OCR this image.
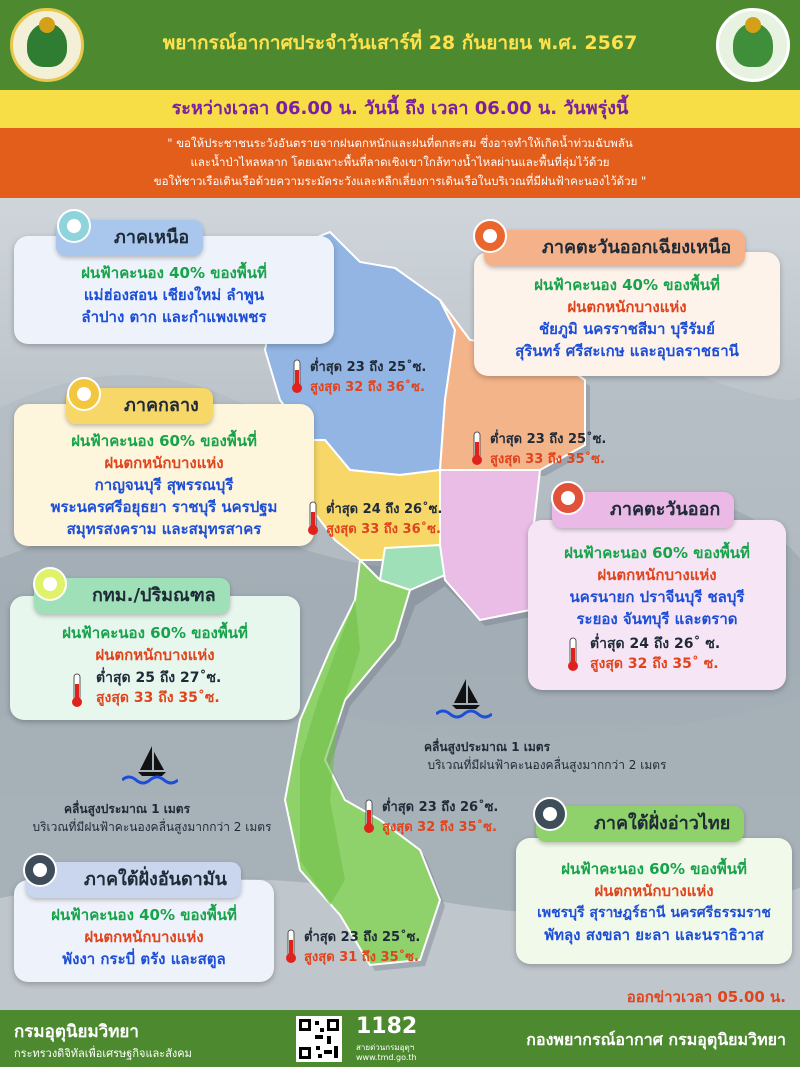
พยากรณ์อากาศประจำวันเสาร์ที่ 28 กันยายน พ.ศ. 2567
ระหว่างเวลา 06.00 น. วันนี้ ถึง เวลา 06.00 น. วันพรุ่งนี้
" ขอให้ประชาชนระวังอันตรายจากฝนตกหนักและฝนที่ตกสะสม ซึ่งอาจทำให้เกิดน้ำท่วมฉับพลัน
และน้ำป่าไหลหลาก โดยเฉพาะพื้นที่ลาดเชิงเขาใกล้ทางน้ำไหลผ่านและพื้นที่ลุ่มไว้ด้วย
ขอให้ชาวเรือเดินเรือด้วยความระมัดระวังและหลีกเลี่ยงการเดินเรือในบริเวณที่มีฝนฟ้าคะนองไว้ด้วย "
คลื่นสูงประมาณ 1 เมตร
บริเวณที่มีฝนฟ้าคะนองคลื่นสูงมากกว่า 2 เมตร
คลื่นสูงประมาณ 1 เมตร
บริเวณที่มีฝนฟ้าคะนองคลื่นสูงมากกว่า 2 เมตร
ฝนฟ้าคะนอง 40% ของพื้นที่
แม่ฮ่องสอน เชียงใหม่ ลำพูน
ลำปาง ตาก และกำแพงเพชร
ภาคเหนือ
ฝนฟ้าคะนอง 40% ของพื้นที่
ฝนตกหนักบางแห่ง
ชัยภูมิ นครราชสีมา บุรีรัมย์
สุรินทร์ ศรีสะเกษ และอุบลราชธานี
ภาคตะวันออกเฉียงเหนือ
ฝนฟ้าคะนอง 60% ของพื้นที่
ฝนตกหนักบางแห่ง
กาญจนบุรี สุพรรณบุรี
พระนครศรีอยุธยา ราชบุรี นครปฐม
สมุทรสงคราม และสมุทรสาคร
ภาคกลาง
ฝนฟ้าคะนอง 60% ของพื้นที่
ฝนตกหนักบางแห่ง
นครนายก ปราจีนบุรี ชลบุรี
ระยอง จันทบุรี และตราด
ภาคตะวันออก
ฝนฟ้าคะนอง 60% ของพื้นที่
ฝนตกหนักบางแห่ง
กทม./ปริมณฑล
ฝนฟ้าคะนอง 60% ของพื้นที่
ฝนตกหนักบางแห่ง
เพชรบุรี สุราษฎร์ธานี นครศรีธรรมราช
พัทลุง สงขลา ยะลา และนราธิวาส
ภาคใต้ฝั่งอ่าวไทย
ฝนฟ้าคะนอง 40% ของพื้นที่
ฝนตกหนักบางแห่ง
พังงา กระบี่ ตรัง และสตูล
ภาคใต้ฝั่งอันดามัน
ต่ำสุด 23 ถึง 25˚ซ.
สูงสุด 32 ถึง 36˚ซ.
ต่ำสุด 23 ถึง 25˚ซ.
สูงสุด 33 ถึง 35˚ซ.
ต่ำสุด 24 ถึง 26˚ซ.
สูงสุด 33 ถึง 36˚ซ.
ต่ำสุด 24 ถึง 26˚ ซ.
สูงสุด 32 ถึง 35˚ ซ.
ต่ำสุด 25 ถึง 27˚ซ.
สูงสุด 33 ถึง 35˚ซ.
ต่ำสุด 23 ถึง 26˚ซ.
สูงสุด 32 ถึง 35˚ซ.
ต่ำสุด 23 ถึง 25˚ซ.
สูงสุด 31 ถึง 35˚ซ.
ออกข่าวเวลา 05.00 น.
กรมอุตุนิยมวิทยา
กระทรวงดิจิทัลเพื่อเศรษฐกิจและสังคม
1182
สายด่วนกรมอุตุฯ
www.tmd.go.th
กองพยากรณ์อากาศ กรมอุตุนิยมวิทยา
